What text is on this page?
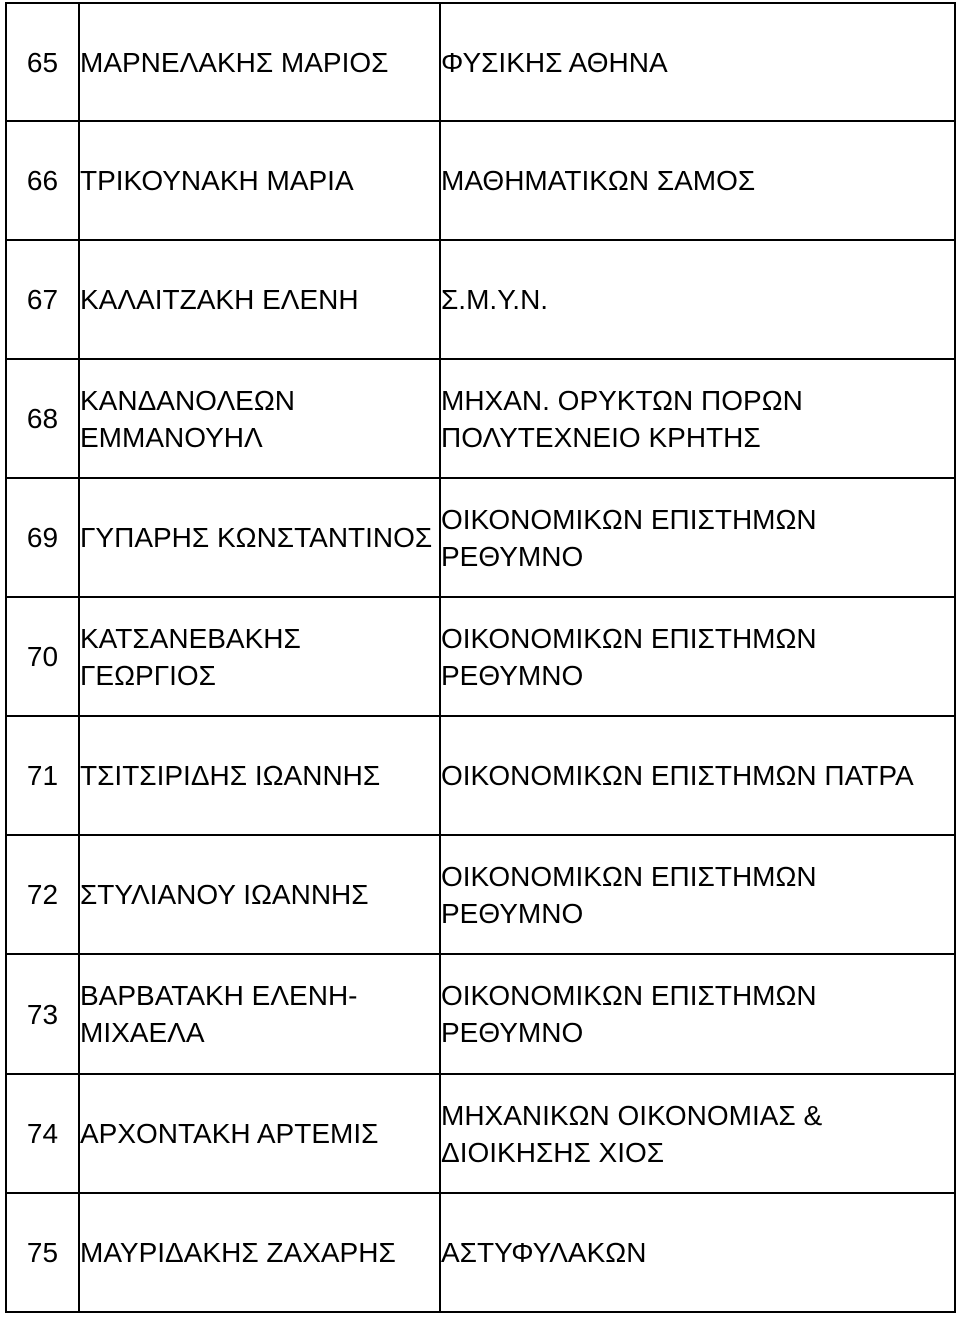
65	ΜΑΡΝΕΛΑΚΗΣ ΜΑΡΙΟΣ	ΦΥΣΙΚΗΣ ΑΘΗΝΑ
66	ΤΡΙΚΟΥΝΑΚΗ ΜΑΡΙΑ	ΜΑΘΗΜΑΤΙΚΩΝ ΣΑΜΟΣ
67	ΚΑΛΑΙΤΖΑΚΗ ΕΛΕΝΗ	Σ.Μ.Υ.Ν.
68	ΚΑΝΔΑΝΟΛΕΩΝ ΕΜΜΑΝΟΥΗΛ	ΜΗΧΑΝ. ΟΡΥΚΤΩΝ ΠΟΡΩΝ ΠΟΛΥΤΕΧΝΕΙΟ ΚΡΗΤΗΣ
69	ΓΥΠΑΡΗΣ ΚΩΝΣΤΑΝΤΙΝΟΣ	ΟΙΚΟΝΟΜΙΚΩΝ ΕΠΙΣΤΗΜΩΝ ΡΕΘΥΜΝΟ
70	ΚΑΤΣΑΝΕΒΑΚΗΣ ΓΕΩΡΓΙΟΣ	ΟΙΚΟΝΟΜΙΚΩΝ ΕΠΙΣΤΗΜΩΝ ΡΕΘΥΜΝΟ
71	ΤΣΙΤΣΙΡΙΔΗΣ ΙΩΑΝΝΗΣ	ΟΙΚΟΝΟΜΙΚΩΝ ΕΠΙΣΤΗΜΩΝ ΠΑΤΡΑ
72	ΣΤΥΛΙΑΝΟΥ ΙΩΑΝΝΗΣ	ΟΙΚΟΝΟΜΙΚΩΝ ΕΠΙΣΤΗΜΩΝ ΡΕΘΥΜΝΟ
73	ΒΑΡΒΑΤΑΚΗ ΕΛΕΝΗ-ΜΙΧΑΕΛΑ	ΟΙΚΟΝΟΜΙΚΩΝ ΕΠΙΣΤΗΜΩΝ ΡΕΘΥΜΝΟ
74	ΑΡΧΟΝΤΑΚΗ ΑΡΤΕΜΙΣ	ΜΗΧΑΝΙΚΩΝ ΟΙΚΟΝΟΜΙΑΣ & ΔΙΟΙΚΗΣΗΣ ΧΙΟΣ
75	ΜΑΥΡΙΔΑΚΗΣ ΖΑΧΑΡΗΣ	ΑΣΤΥΦΥΛΑΚΩΝ
